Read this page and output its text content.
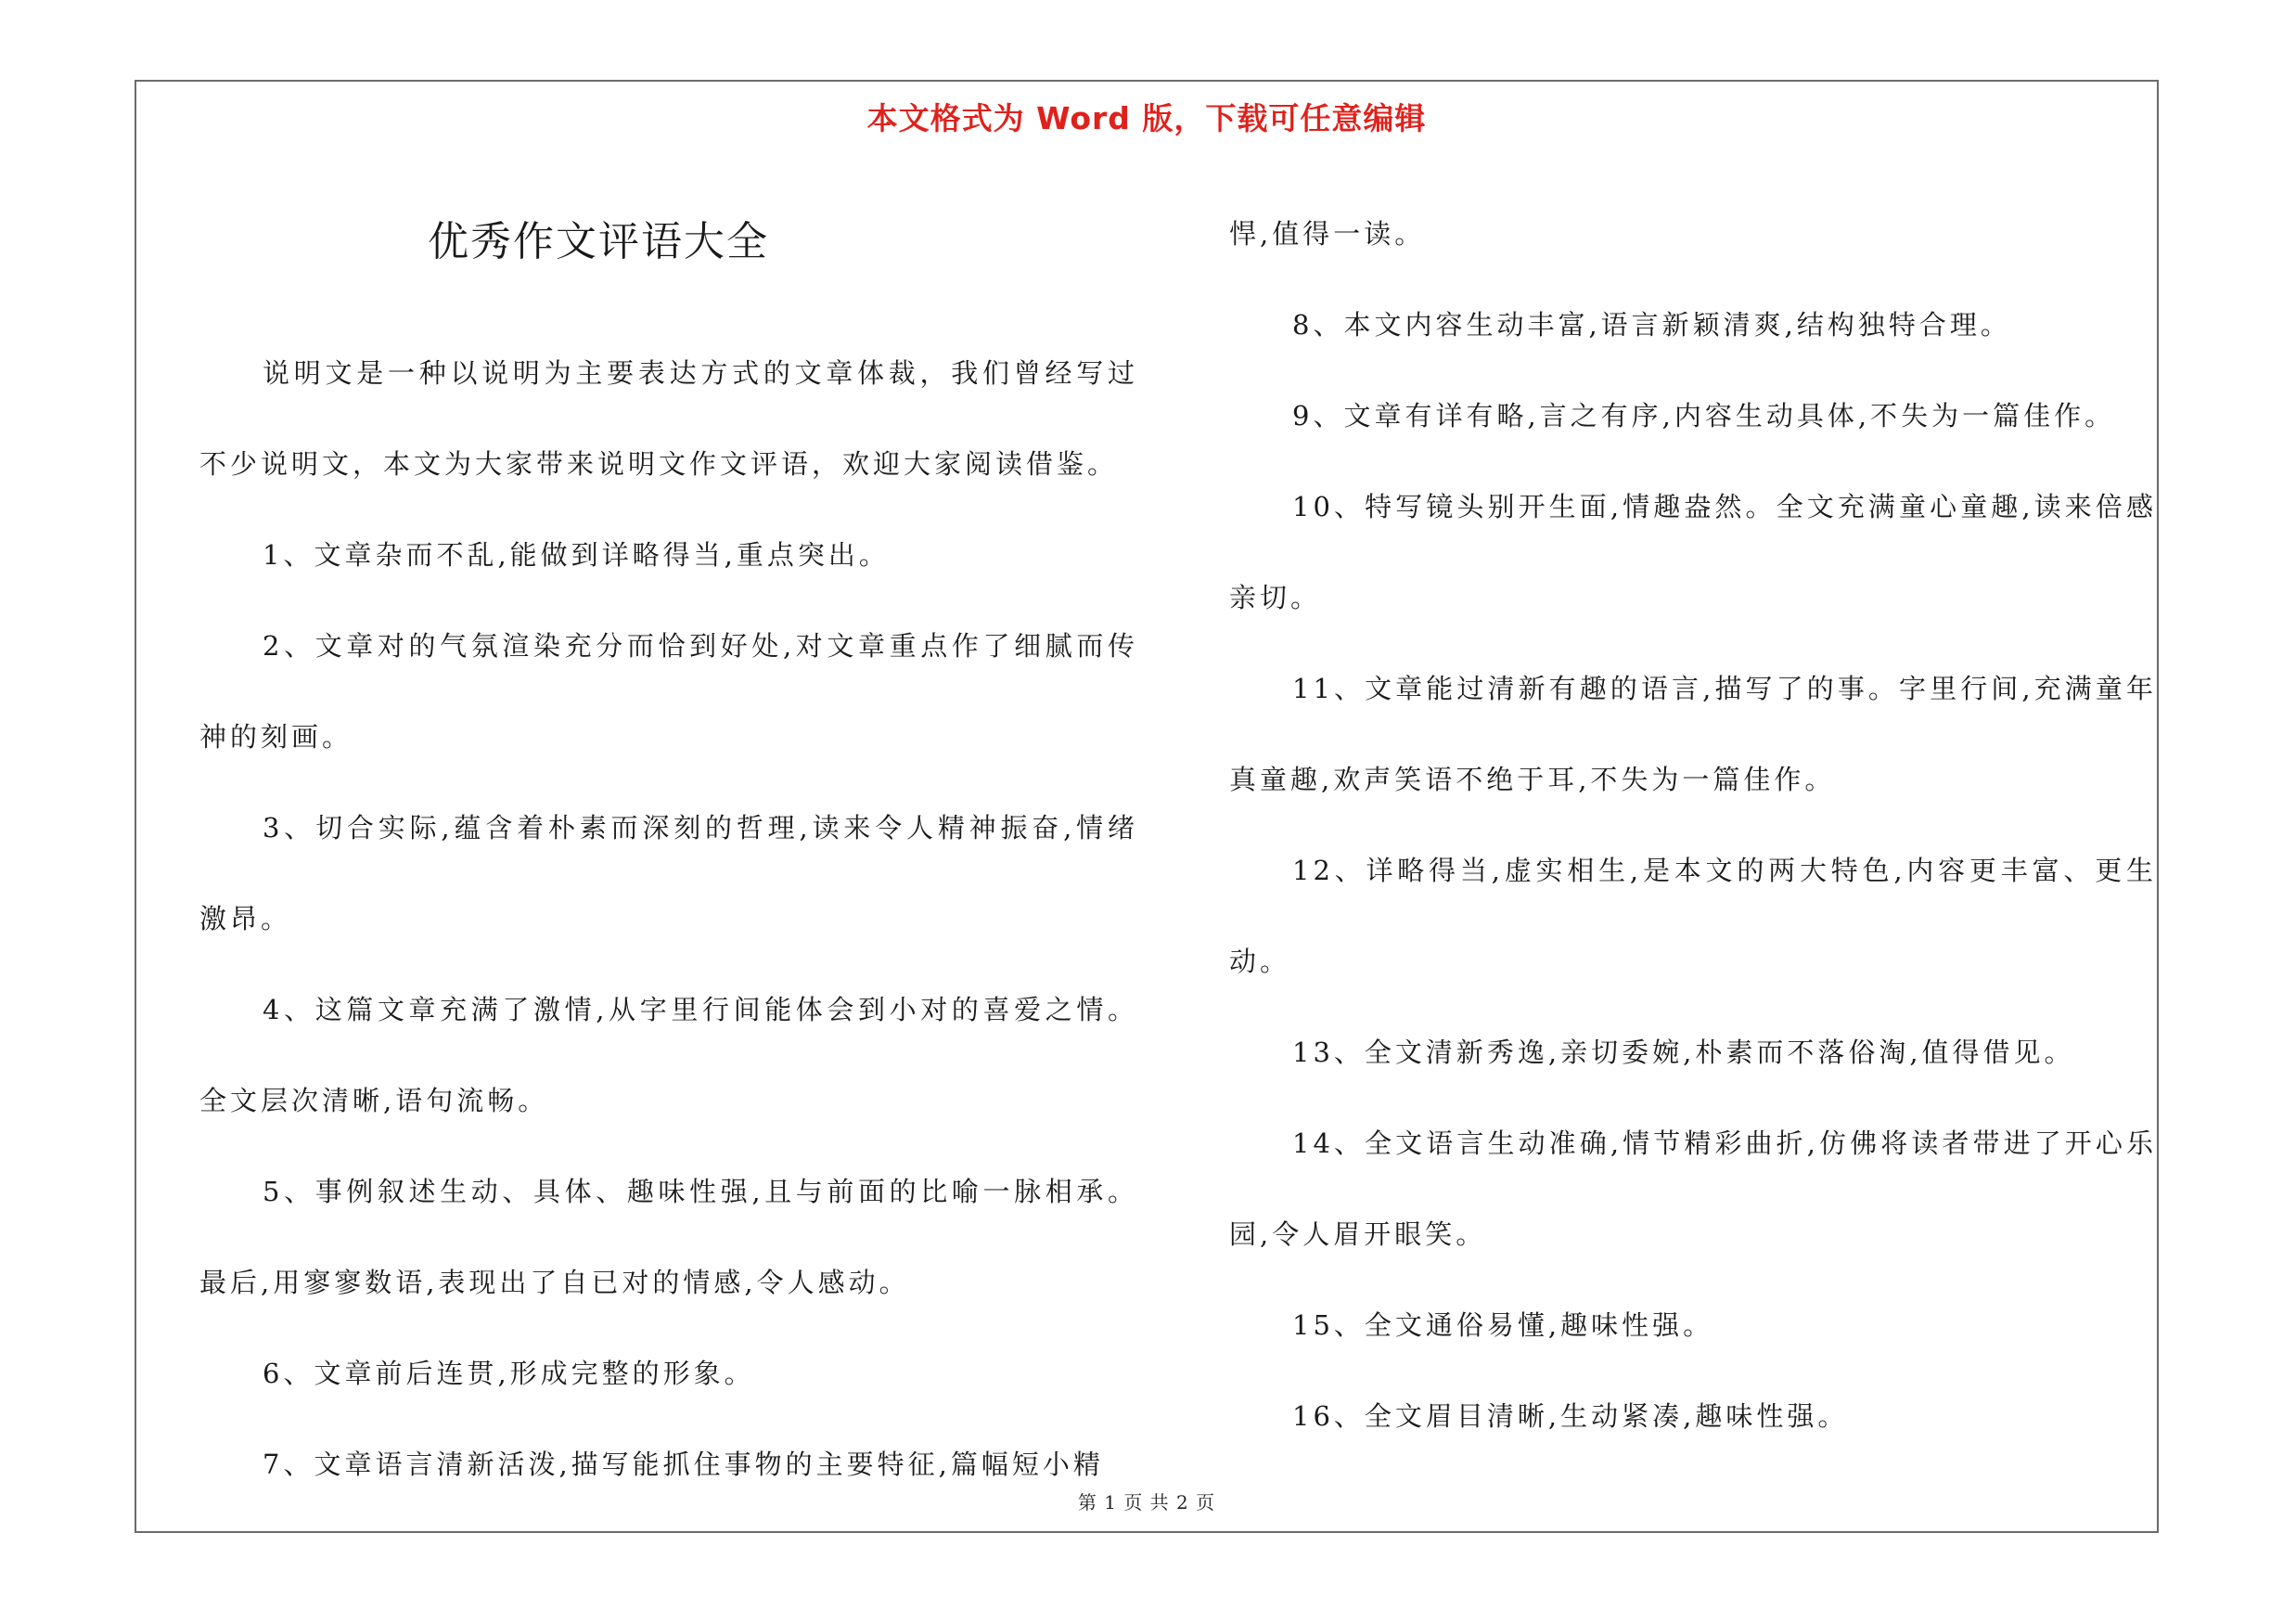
本文格式为 Word 版，下载可任意编辑
优秀作文评语大全

说明文是一种以说明为主要表达方式的文章体裁，我们曾经写过不少说明文，本文为大家带来说明文作文评语，欢迎大家阅读借鉴。

1、文章杂而不乱,能做到详略得当,重点突出。

2、文章对的气氛渲染充分而恰到好处,对文章重点作了细腻而传神的刻画。

3、切合实际,蕴含着朴素而深刻的哲理,读来令人精神振奋,情绪激昂。

4、这篇文章充满了激情,从字里行间能体会到小对的喜爱之情。全文层次清晰,语句流畅。

5、事例叙述生动、具体、趣味性强,且与前面的比喻一脉相承。最后,用寥寥数语,表现出了自已对的情感,令人感动。

6、文章前后连贯,形成完整的形象。

7、文章语言清新活泼,描写能抓住事物的主要特征,篇幅短小精

悍,值得一读。

8、本文内容生动丰富,语言新颖清爽,结构独特合理。

9、文章有详有略,言之有序,内容生动具体,不失为一篇佳作。

10、特写镜头别开生面,情趣盎然。全文充满童心童趣,读来倍感亲切。

11、文章能过清新有趣的语言,描写了的事。字里行间,充满童年真童趣,欢声笑语不绝于耳,不失为一篇佳作。

12、详略得当,虚实相生,是本文的两大特色,内容更丰富、更生动。

13、全文清新秀逸,亲切委婉,朴素而不落俗淘,值得借见。

14、全文语言生动准确,情节精彩曲折,仿佛将读者带进了开心乐园,令人眉开眼笑。

15、全文通俗易懂,趣味性强。

16、全文眉目清晰,生动紧凑,趣味性强。

第 1 页 共 2 页
